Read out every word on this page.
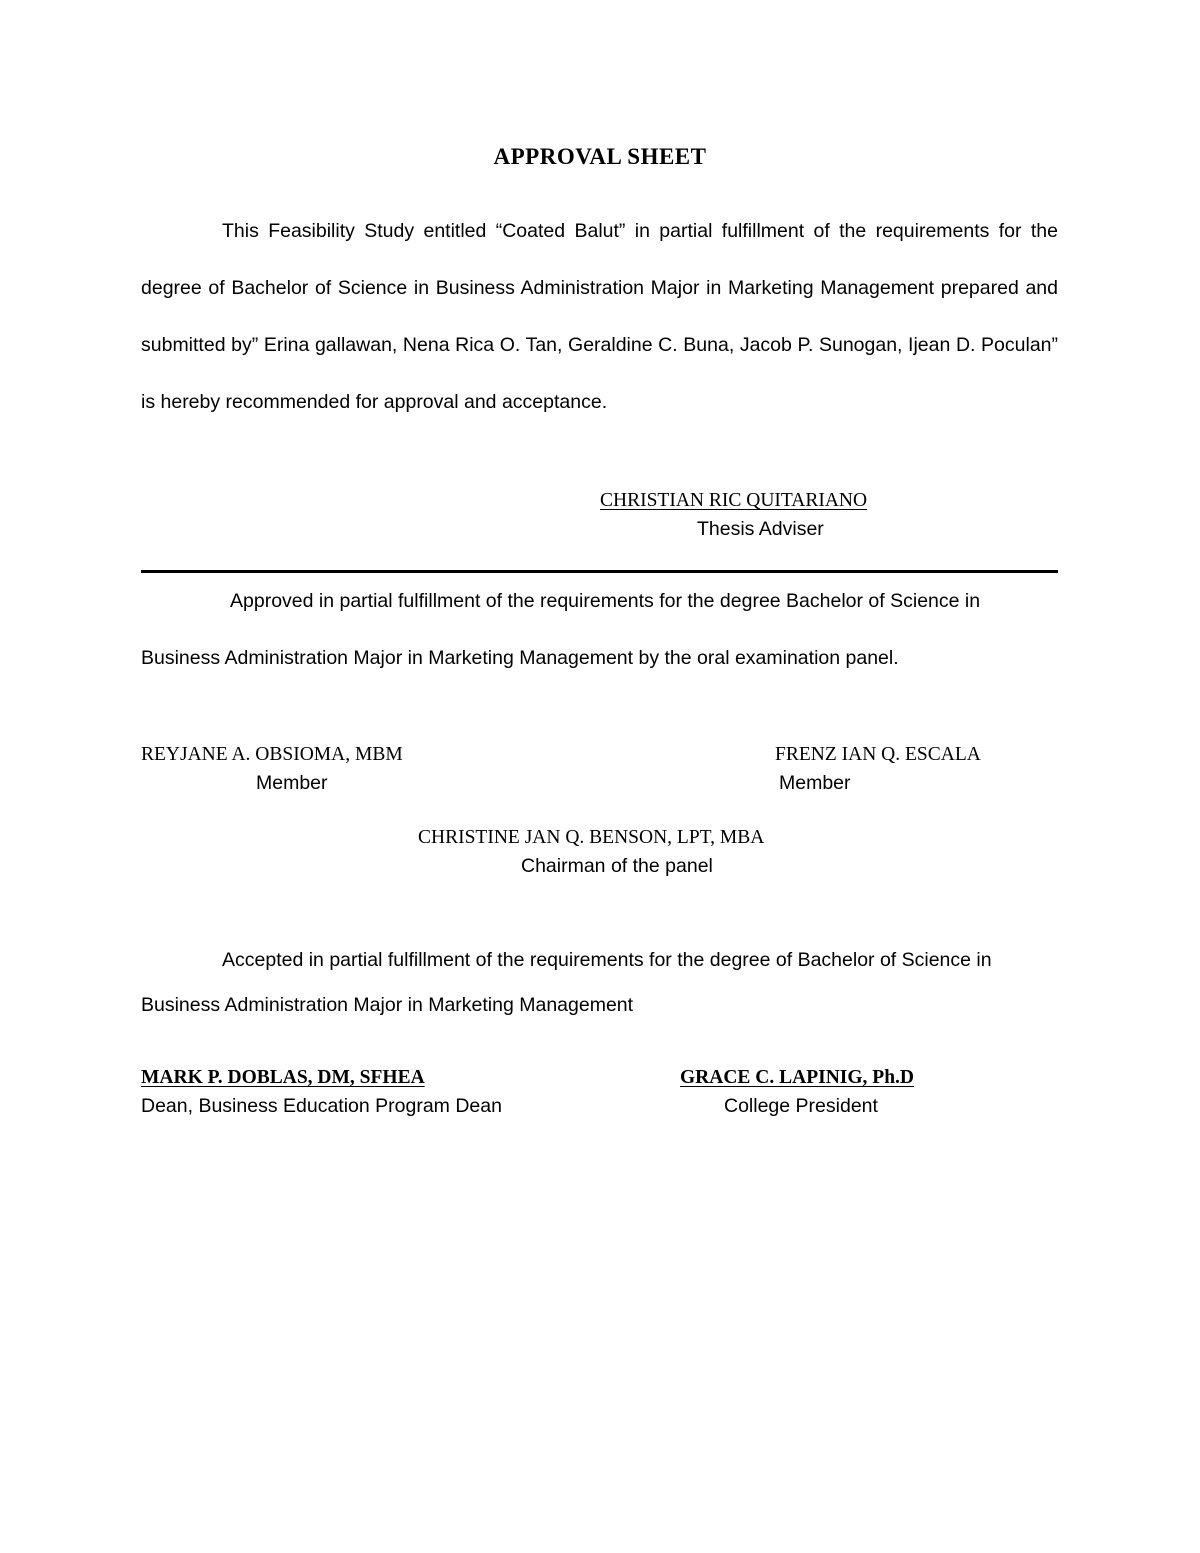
APPROVAL SHEET
This Feasibility Study entitled “Coated Balut” in partial fulfillment of the requirements for the degree of Bachelor of Science in Business Administration Major in Marketing Management prepared and submitted by” Erina gallawan, Nena Rica O. Tan, Geraldine C. Buna, Jacob P. Sunogan, Ijean D. Poculan” is hereby recommended for approval and acceptance.
CHRISTIAN RIC QUITARIANO
Thesis Adviser
Approved in partial fulfillment of the requirements for the degree Bachelor of Science in Business Administration Major in Marketing Management by the oral examination panel.
REYJANE A. OBSIOMA, MBM
Member
FRENZ IAN Q. ESCALA
Member
CHRISTINE JAN Q. BENSON, LPT, MBA
Chairman of the panel
Accepted in partial fulfillment of the requirements for the degree of Bachelor of Science in Business Administration Major in Marketing Management
MARK P. DOBLAS, DM, SFHEA
Dean, Business Education Program Dean
GRACE C. LAPINIG, Ph.D
College President
